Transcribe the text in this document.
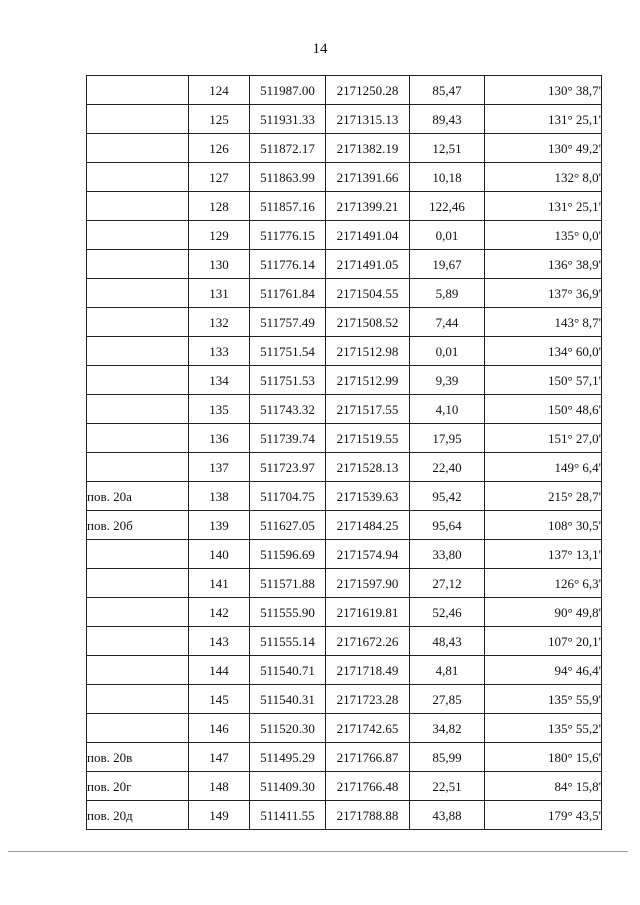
14
	124	511987.00	2171250.28	85,47	130° 38,7'
	125	511931.33	2171315.13	89,43	131° 25,1'
	126	511872.17	2171382.19	12,51	130° 49,2'
	127	511863.99	2171391.66	10,18	132° 8,0'
	128	511857.16	2171399.21	122,46	131° 25,1'
	129	511776.15	2171491.04	0,01	135° 0,0'
	130	511776.14	2171491.05	19,67	136° 38,9'
	131	511761.84	2171504.55	5,89	137° 36,9'
	132	511757.49	2171508.52	7,44	143° 8,7'
	133	511751.54	2171512.98	0,01	134° 60,0'
	134	511751.53	2171512.99	9,39	150° 57,1'
	135	511743.32	2171517.55	4,10	150° 48,6'
	136	511739.74	2171519.55	17,95	151° 27,0'
	137	511723.97	2171528.13	22,40	149° 6,4'
пов. 20а	138	511704.75	2171539.63	95,42	215° 28,7'
пов. 20б	139	511627.05	2171484.25	95,64	108° 30,5'
	140	511596.69	2171574.94	33,80	137° 13,1'
	141	511571.88	2171597.90	27,12	126° 6,3'
	142	511555.90	2171619.81	52,46	90° 49,8'
	143	511555.14	2171672.26	48,43	107° 20,1'
	144	511540.71	2171718.49	4,81	94° 46,4'
	145	511540.31	2171723.28	27,85	135° 55,9'
	146	511520.30	2171742.65	34,82	135° 55,2'
пов. 20в	147	511495.29	2171766.87	85,99	180° 15,6'
пов. 20г	148	511409.30	2171766.48	22,51	84° 15,8'
пов. 20д	149	511411.55	2171788.88	43,88	179° 43,5'
